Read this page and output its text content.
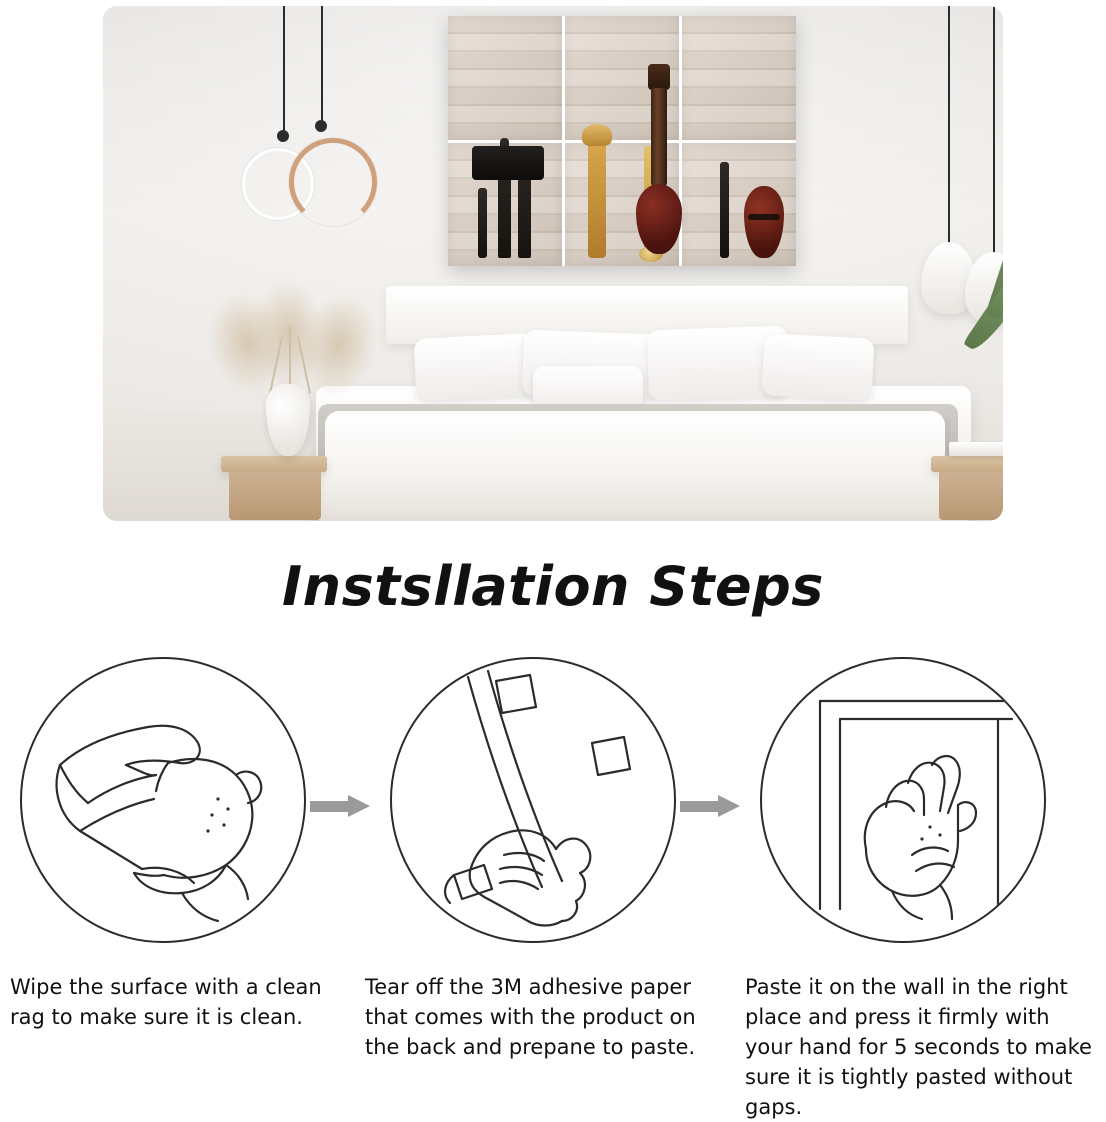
Instsllation Steps
Wipe the surface with a clean rag to make sure it is clean.
Tear off the 3M adhesive paper that comes with the product on the back and prepane to paste.
Paste it on the wall in the right place and press it firmly with your hand for 5 seconds to make sure it is tightly pasted without gaps.
